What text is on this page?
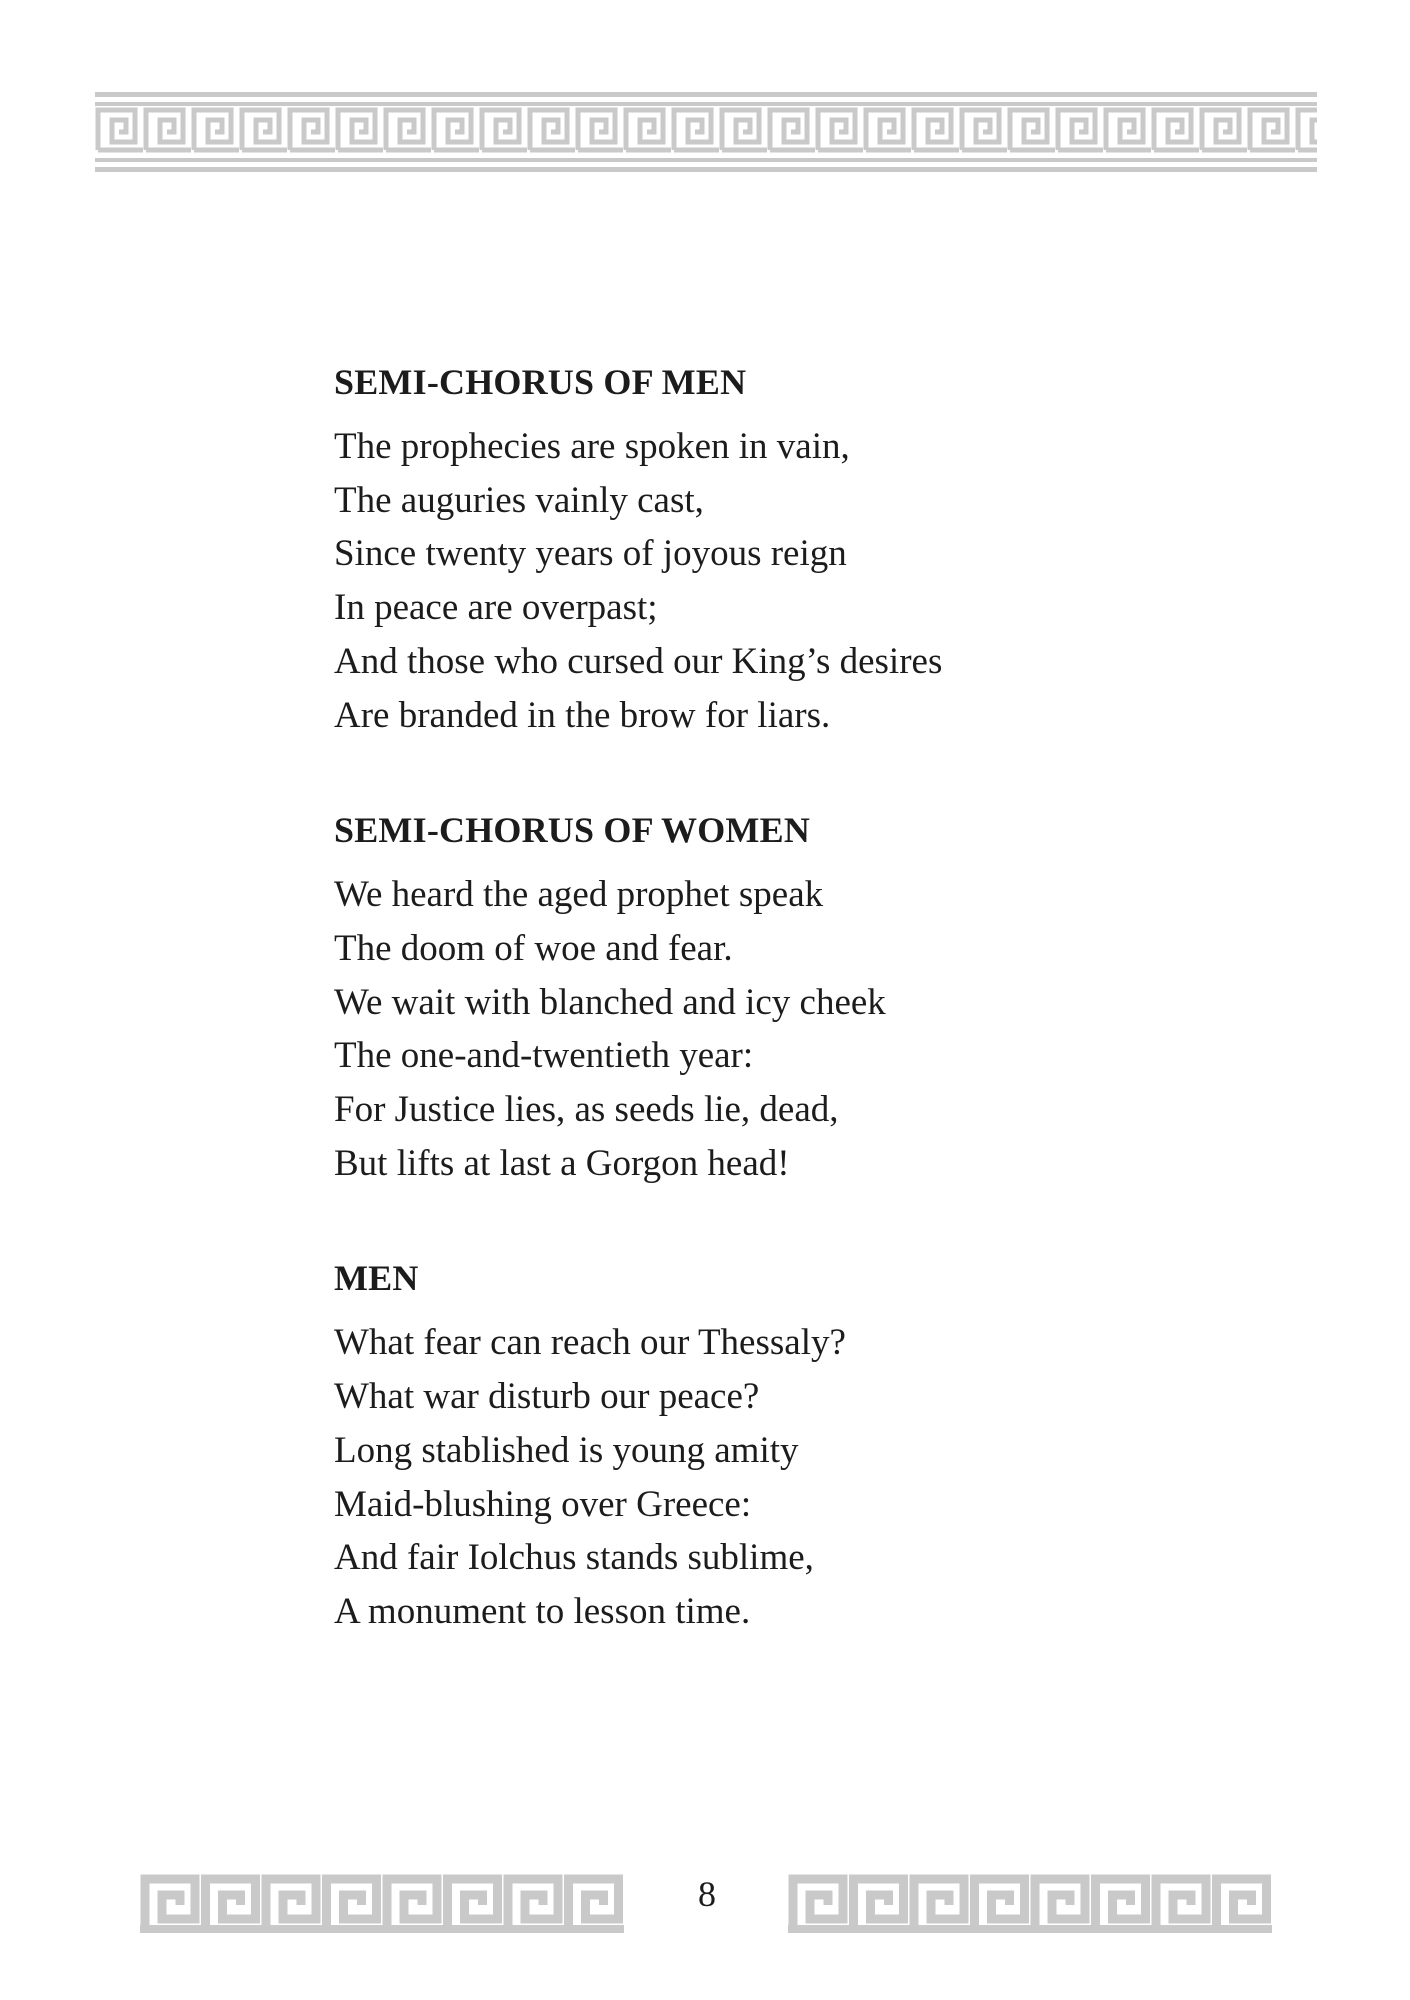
SEMI-CHORUS OF MEN
The prophecies are spoken in vain,
The auguries vainly cast,
Since twenty years of joyous reign
In peace are overpast;
And those who cursed our King’s desires
Are branded in the brow for liars.
SEMI-CHORUS OF WOMEN
We heard the aged prophet speak
The doom of woe and fear.
We wait with blanched and icy cheek
The one-and-twentieth year:
For Justice lies, as seeds lie, dead,
But lifts at last a Gorgon head!
MEN
What fear can reach our Thessaly?
What war disturb our peace?
Long stablished is young amity
Maid-blushing over Greece:
And fair Iolchus stands sublime,
A monument to lesson time.
8
